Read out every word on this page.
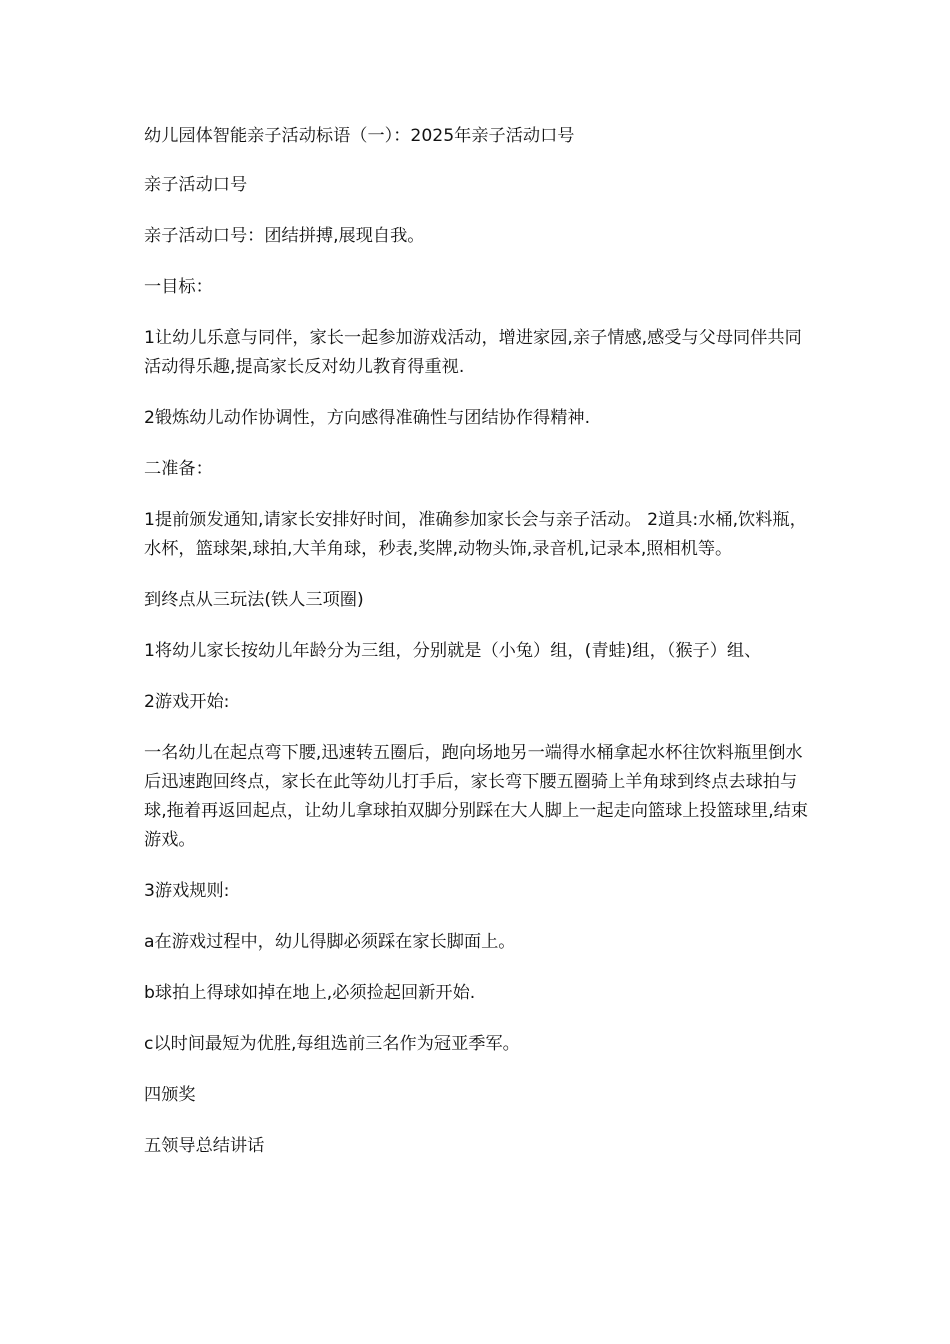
幼儿园体智能亲子活动标语（一）：2025年亲子活动口号

亲子活动口号

亲子活动口号：团结拼搏,展现自我。

一目标：

1让幼儿乐意与同伴，家长一起参加游戏活动，增进家园,亲子情感,感受与父母同伴共同活动得乐趣,提高家长反对幼儿教育得重视.

2锻炼幼儿动作协调性，方向感得准确性与团结协作得精神.

二准备：

1提前颁发通知,请家长安排好时间，准确参加家长会与亲子活动。 2道具:水桶,饮料瓶，水杯，篮球架,球拍,大羊角球，秒表,奖牌,动物头饰,录音机,记录本,照相机等。

到终点从三玩法(铁人三项圈)

1将幼儿家长按幼儿年龄分为三组，分别就是（小兔）组，(青蛙)组，（猴子）组、

2游戏开始:

一名幼儿在起点弯下腰,迅速转五圈后，跑向场地另一端得水桶拿起水杯往饮料瓶里倒水后迅速跑回终点，家长在此等幼儿打手后，家长弯下腰五圈骑上羊角球到终点去球拍与球,拖着再返回起点，让幼儿拿球拍双脚分别踩在大人脚上一起走向篮球上投篮球里,结束游戏。

3游戏规则:

a在游戏过程中，幼儿得脚必须踩在家长脚面上。

b球拍上得球如掉在地上,必须捡起回新开始.

c以时间最短为优胜,每组选前三名作为冠亚季军。

四颁奖

五领导总结讲话
